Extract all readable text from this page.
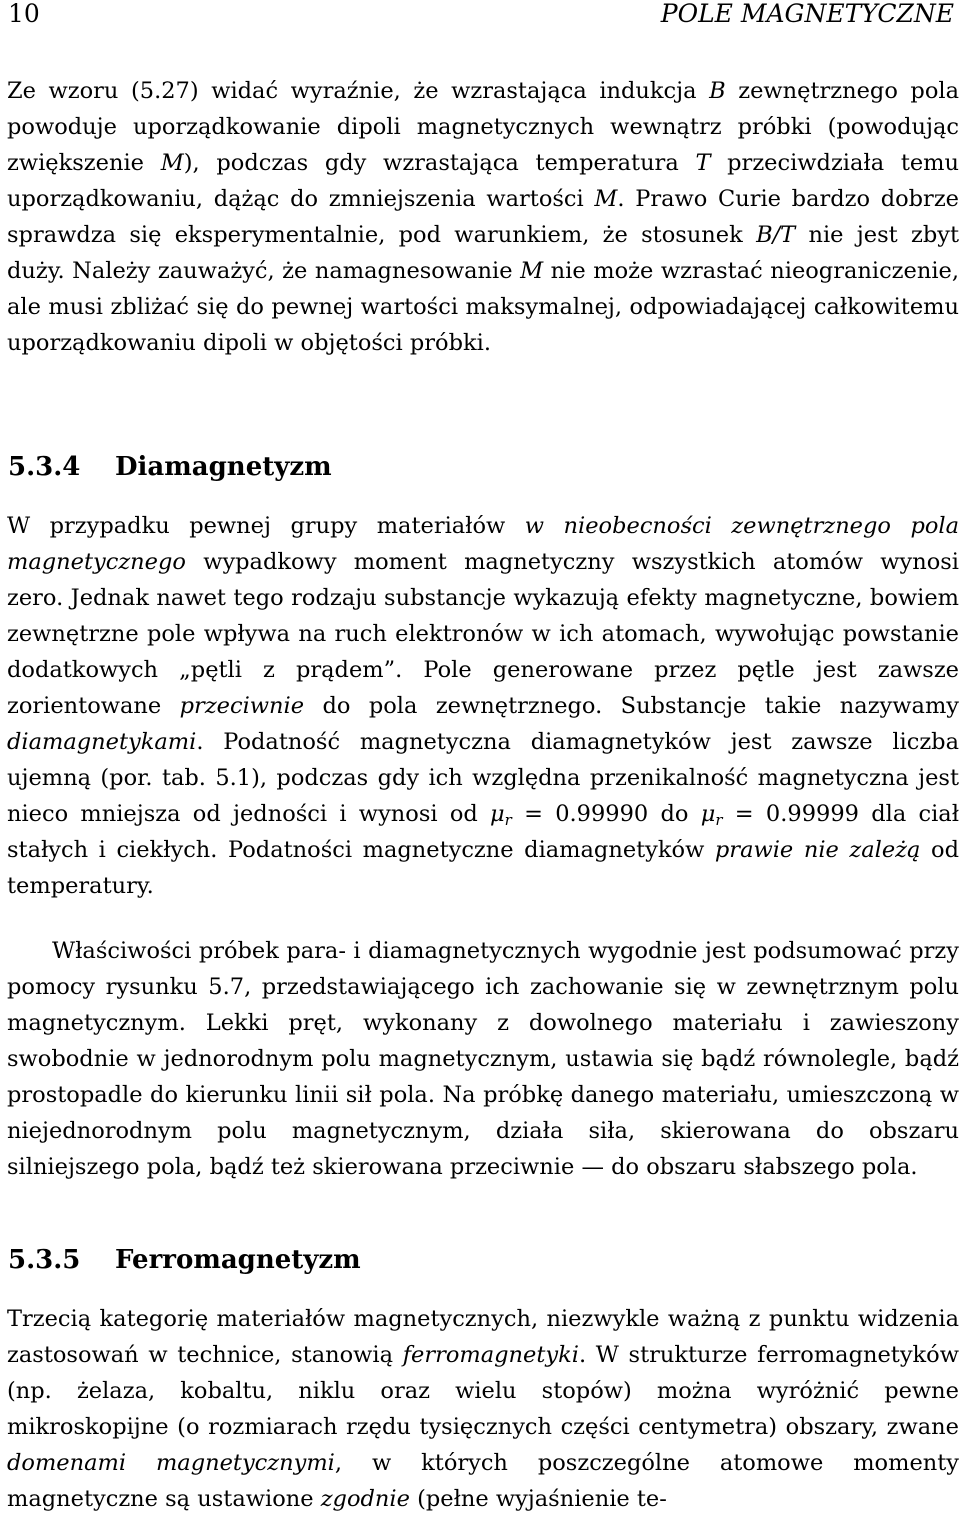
10	POLE MAGNETYCZNE

Ze wzoru (5.27) widać wyraźnie, że wzrastająca indukcja B zewnętrznego pola powoduje uporządkowanie dipoli magnetycznych wewnątrz próbki (powodując zwiększenie M), podczas gdy wzrastająca temperatura T przeciwdziała temu uporządkowaniu, dążąc do zmniejszenia wartości M. Prawo Curie bardzo dobrze sprawdza się eksperymentalnie, pod warunkiem, że stosunek B/T nie jest zbyt duży. Należy zauważyć, że namagnesowanie M nie może wzrastać nieograniczenie, ale musi zbliżać się do pewnej wartości maksymalnej, odpowiadającej całkowitemu uporządkowaniu dipoli w objętości próbki.

5.3.4 Diamagnetyzm

W przypadku pewnej grupy materiałów w nieobecności zewnętrznego pola magnetycznego wypadkowy moment magnetyczny wszystkich atomów wynosi zero. Jednak nawet tego rodzaju substancje wykazują efekty magnetyczne, bowiem zewnętrzne pole wpływa na ruch elektronów w ich atomach, wywołując powstanie dodatkowych „pętli z prądem”. Pole generowane przez pętle jest zawsze zorientowane przeciwnie do pola zewnętrznego. Substancje takie nazywamy diamagnetykami. Podatność magnetyczna diamagnetyków jest zawsze liczba ujemną (por. tab. 5.1), podczas gdy ich względna przenikalność magnetyczna jest nieco mniejsza od jedności i wynosi od $\mu_r = 0.99990$ do $\mu_r = 0.99999$ dla ciał stałych i ciekłych. Podatności magnetyczne diamagnetyków prawie nie zależą od temperatury.

Właściwości próbek para- i diamagnetycznych wygodnie jest podsumować przy pomocy rysunku 5.7, przedstawiającego ich zachowanie się w zewnętrznym polu magnetycznym. Lekki pręt, wykonany z dowolnego materiału i zawieszony swobodnie w jednorodnym polu magnetycznym, ustawia się bądź równolegle, bądź prostopadle do kierunku linii sił pola. Na próbkę danego materiału, umieszczoną w niejednorodnym polu magnetycznym, działa siła, skierowana do obszaru silniejszego pola, bądź też skierowana przeciwnie — do obszaru słabszego pola.

5.3.5 Ferromagnetyzm

Trzecią kategorię materiałów magnetycznych, niezwykle ważną z punktu widzenia zastosowań w technice, stanowią ferromagnetyki. W strukturze ferromagnetyków (np. żelaza, kobaltu, niklu oraz wielu stopów) można wyróżnić pewne mikroskopijne (o rozmiarach rzędu tysięcznych części centymetra) obszary, zwane domenami magnetycznymi, w których poszczególne atomowe momenty magnetyczne są ustawione zgodnie (pełne wyjaśnienie te-
